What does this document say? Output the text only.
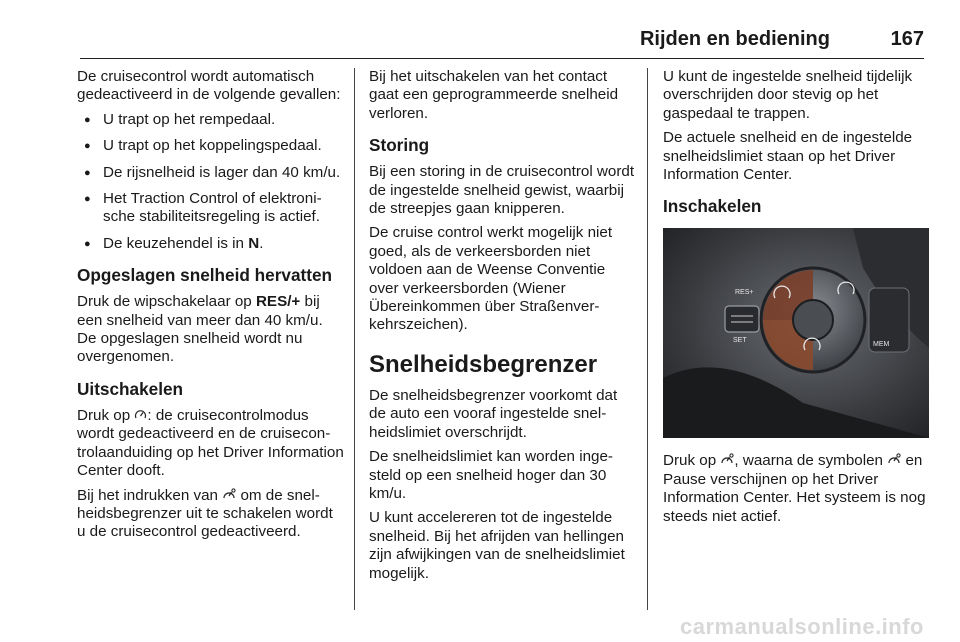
Rijden en bediening	167

De cruisecontrol wordt automatisch gedeactiveerd in de volgende gevallen:

● U trapt op het rempedaal.
● U trapt op het koppelingspedaal.
● De rijsnelheid is lager dan 40 km/u.
● Het Traction Control of elektronische stabiliteitsregeling is actief.
● De keuzehendel is in N.
Opgeslagen snelheid hervatten

Druk de wipschakelaar op RES/+ bij een snelheid van meer dan 40 km/u. De opgeslagen snelheid wordt nu overgenomen.

Uitschakelen

Druk op : de cruisecontrolmodus wordt gedeactiveerd en de cruisecontrolaanduiding op het Driver Information Center dooft.

Bij het indrukken van  om de snelheidsbegrenzer uit te schakelen wordt u de cruisecontrol gedeactiveerd.

Bij het uitschakelen van het contact gaat een geprogrammeerde snelheid verloren.

Storing

Bij een storing in de cruisecontrol wordt de ingestelde snelheid gewist, waarbij de streepjes gaan knipperen.

De cruise control werkt mogelijk niet goed, als de verkeersborden niet voldoen aan de Weense Conventie over verkeersborden (Wiener Übereinkommen über Straßenverkehrszeichen).

Snelheidsbegrenzer

De snelheidsbegrenzer voorkomt dat de auto een vooraf ingestelde snelheidslimiet overschrijdt.

De snelheidslimiet kan worden ingesteld op een snelheid hoger dan 30 km/u.

U kunt accelereren tot de ingestelde snelheid. Bij het afrijden van hellingen zijn afwijkingen van de snelheidslimiet mogelijk.

U kunt de ingestelde snelheid tijdelijk overschrijden door stevig op het gaspedaal te trappen.

De actuele snelheid en de ingestelde snelheidslimiet staan op het Driver Information Center.

Inschakelen
RES+
SET
MEM

Druk op , waarna de symbolen  en Pause verschijnen op het Driver Information Center. Het systeem is nog steeds niet actief.

carmanualsonline.info
